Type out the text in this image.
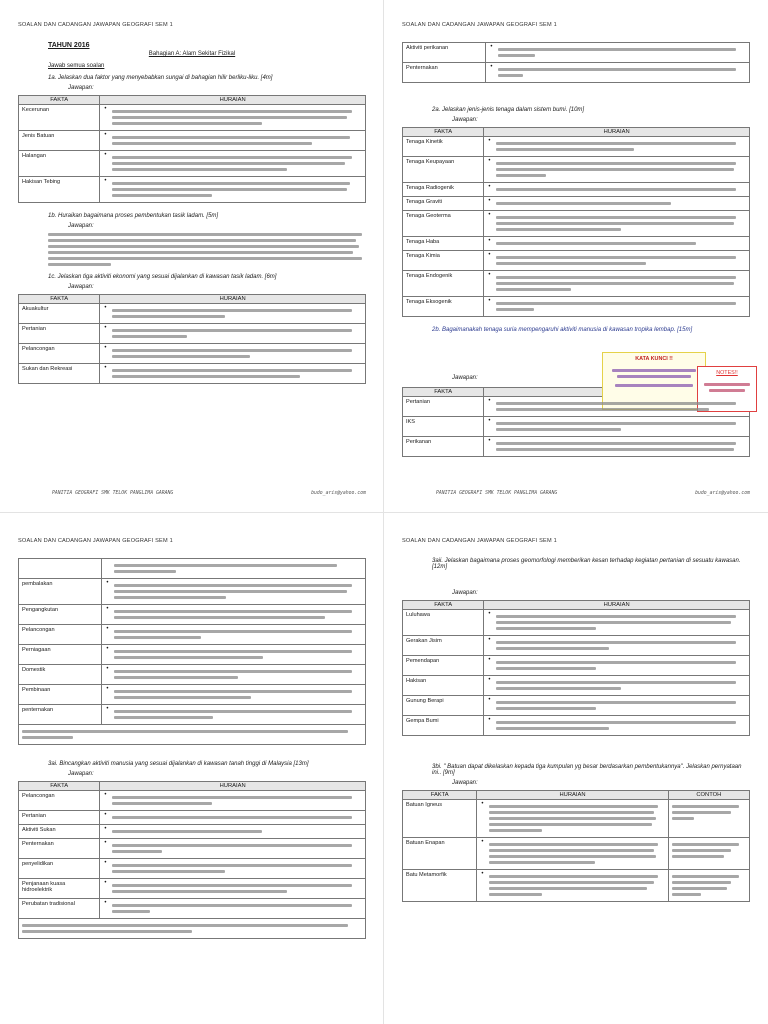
SOALAN DAN CADANGAN JAWAPAN GEOGRAFI SEM 1
TAHUN 2016
Bahagian A: Alam Sekitar Fizikal
Jawab semua soalan
1a. Jelaskan dua faktor yang menyebabkan sungai di bahagian hilir berliku-liku. [4m]
Jawapan:
FAKTA	HURAIAN
Kecerunan	•

Jenis Batuan	•

Halangan	•

Hakisan Tebing	•
1b. Huraikan bagaimana proses pembentukan tasik ladam. [5m]
Jawapan:
1c. Jelaskan tiga aktiviti ekonomi yang sesuai dijalankan di kawasan tasik ladam. [6m]
Jawapan:
FAKTA	HURAIAN
Akuakultur	•

Pertanian	•

Pelancongan	•

Sukan dan Rekreasi	•
PANITIA GEOGRAFI SMK TELOK PANGLIMA GARANG	budo_aris@yahoo.com
SOALAN DAN CADANGAN JAWAPAN GEOGRAFI SEM 1
Aktiviti perikanan	•

Penternakan	•
2a. Jelaskan jenis-jenis tenaga dalam sistem bumi. [10m]
Jawapan:
FAKTA	HURAIAN
Tenaga Kinetik	•

Tenaga Keupayaan	•

Tenaga Radiogenik	•

Tenaga Graviti	•

Tenaga Geoterma	•

Tenaga Haba	•

Tenaga Kimia	•

Tenaga Endogenik	•

Tenaga Eksogenik	•
2b. Bagaimanakah tenaga suria mempengaruhi aktiviti manusia di kawasan tropika lembap. [15m]
KATA KUNCI !!
NOTES!!
Jawapan:
FAKTA	
Pertanian	•

IKS	•

Perikanan	•
PANITIA GEOGRAFI SMK TELOK PANGLIMA GARANG	budo_aris@yahoo.com
SOALAN DAN CADANGAN JAWAPAN GEOGRAFI SEM 1

pembalakan	•

Pengangkutan	•

Pelancongan	•

Perniagaan	•

Domestik	•

Pembinaan	•

penternakan	•

3ai. Bincangkan aktiviti manusia yang sesuai dijalankan di kawasan tanah tinggi di Malaysia [13m]
Jawapan:
FAKTA	HURAIAN
Pelancongan	•

Pertanian	•

Aktiviti Sukan	•

Penternakan	•

penyelidikan	•

Penjanaan kuasa hidroelektrik	•

Perubatan tradisional	•

SOALAN DAN CADANGAN JAWAPAN GEOGRAFI SEM 1
3aii. Jelaskan bagaimana proses geomorfologi memberikan kesan terhadap kegiatan pertanian di sesuatu kawasan. [12m]
Jawapan:
FAKTA	HURAIAN
Luluhawa	•

Gerakan Jisim	•

Pemendapan	•

Hakisan	•

Gunung Berapi	•

Gempa Bumi	•
3bi. " Batuan dapat dikelaskan kepada tiga kumpulan yg besar berdasarkan pembentukannya". Jelaskan pernyataan ini.. [9m]
Jawapan:
FAKTA	HURAIAN	CONTOH
Batuan Igneus	•

Batuan Enapan	•

Batu Metamorfik	•
